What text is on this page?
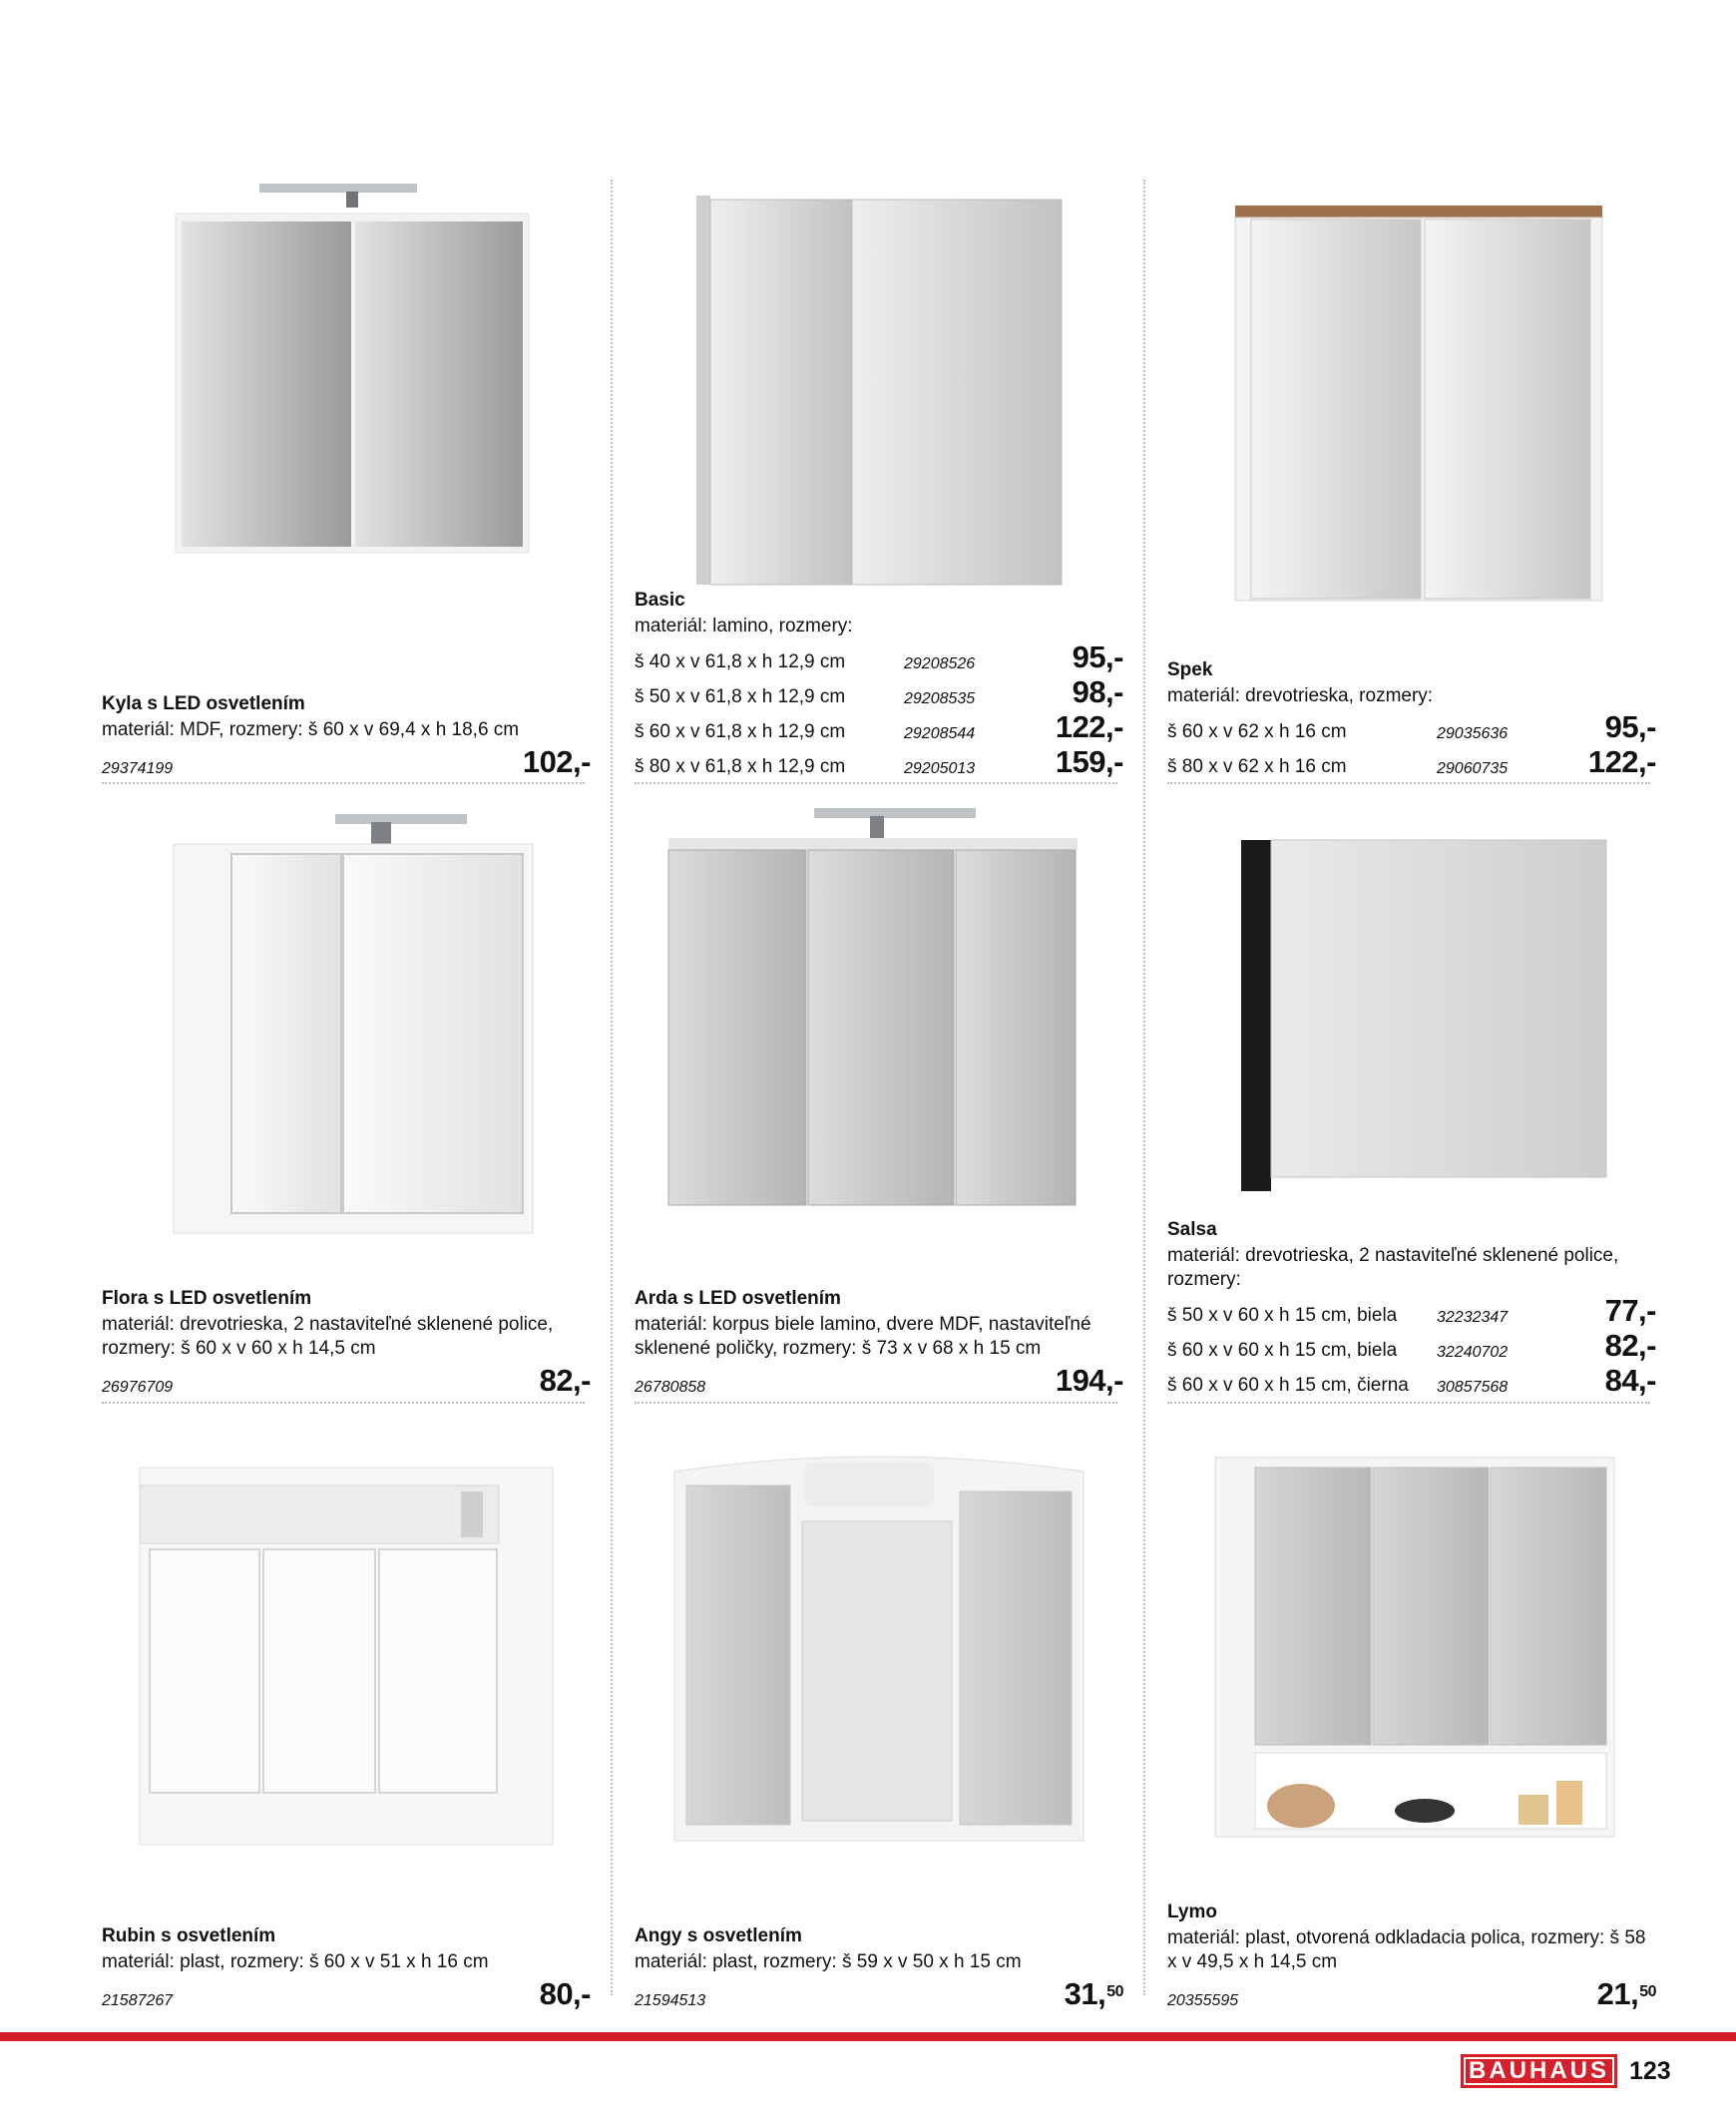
Kyla s LED osvetlením
materiál: MDF, rozmery: š 60 x v 69,4 x h 18,6 cm
29374199	102,-
Basic
materiál: lamino, rozmery:
š 40 x v 61,8 x h 12,9 cm	29208526	95,-
š 50 x v 61,8 x h 12,9 cm	29208535	98,-
š 60 x v 61,8 x h 12,9 cm	29208544	122,-
š 80 x v 61,8 x h 12,9 cm	29205013	159,-
Spek
materiál: drevotrieska, rozmery:
š 60 x v 62 x h 16 cm	29035636	95,-
š 80 x v 62 x h 16 cm	29060735	122,-
Flora s LED osvetlením
materiál: drevotrieska, 2 nastaviteľné sklenené police, rozmery: š 60 x v 60 x h 14,5 cm
26976709	82,-
Arda s LED osvetlením
materiál: korpus biele lamino, dvere MDF, nastaviteľné sklenené poličky, rozmery: š 73 x v 68 x h 15 cm
26780858	194,-
Salsa
materiál: drevotrieska, 2 nastaviteľné sklenené police, rozmery:
š 50 x v 60 x h 15 cm, biela	32232347	77,-
š 60 x v 60 x h 15 cm, biela	32240702	82,-
š 60 x v 60 x h 15 cm, čierna	30857568	84,-
Rubin s osvetlením
materiál: plast, rozmery: š 60 x v 51 x h 16 cm
21587267	80,-
Angy s osvetlením
materiál: plast, rozmery: š 59 x v 50 x h 15 cm
21594513	31,50
Lymo
materiál: plast, otvorená odkladacia polica, rozmery: š 58 x v 49,5 x h 14,5 cm
20355595	21,50
BAUHAUS 123
